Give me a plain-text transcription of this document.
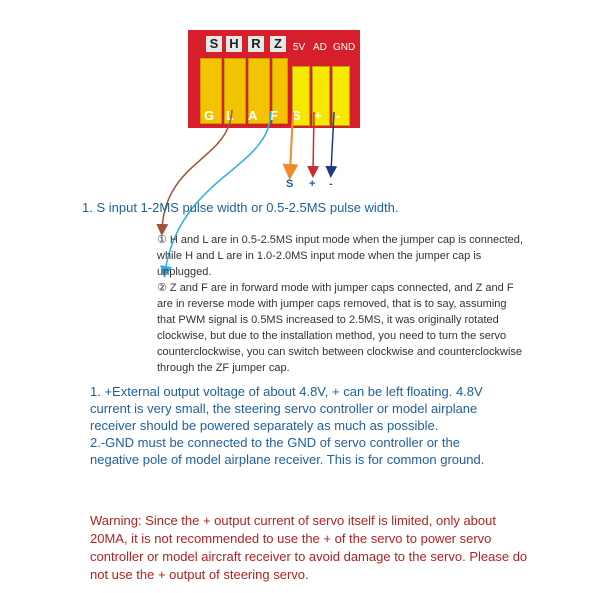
S H R	Z	5V AD GND
G L A F S + -
S + -
1. S input 1-2MS pulse width or 0.5-2.5MS pulse width.

① H and L are in 0.5-2.5MS input mode when the jumper cap is connected, while H and L are in 1.0-2.0MS input mode when the jumper cap is unplugged.

② Z and F are in forward mode with jumper caps connected, and Z and F are in reverse mode with jumper caps removed, that is to say, assuming that PWM signal is 0.5MS increased to 2.5MS, it was originally rotated clockwise, but due to the installation method, you need to turn the servo counterclockwise, you can switch between clockwise and counterclockwise through the ZF jumper cap.

1. +External output voltage of about 4.8V, + can be left floating. 4.8V current is very small, the steering servo controller or model airplane receiver should be powered separately as much as possible.

2.-GND must be connected to the GND of servo controller or the negative pole of model airplane receiver. This is for common ground.

Warning: Since the + output current of servo itself is limited, only about 20MA, it is not recommended to use the + of the servo to power servo controller or model aircraft receiver to avoid damage to the servo. Please do not use the + output of steering servo.
